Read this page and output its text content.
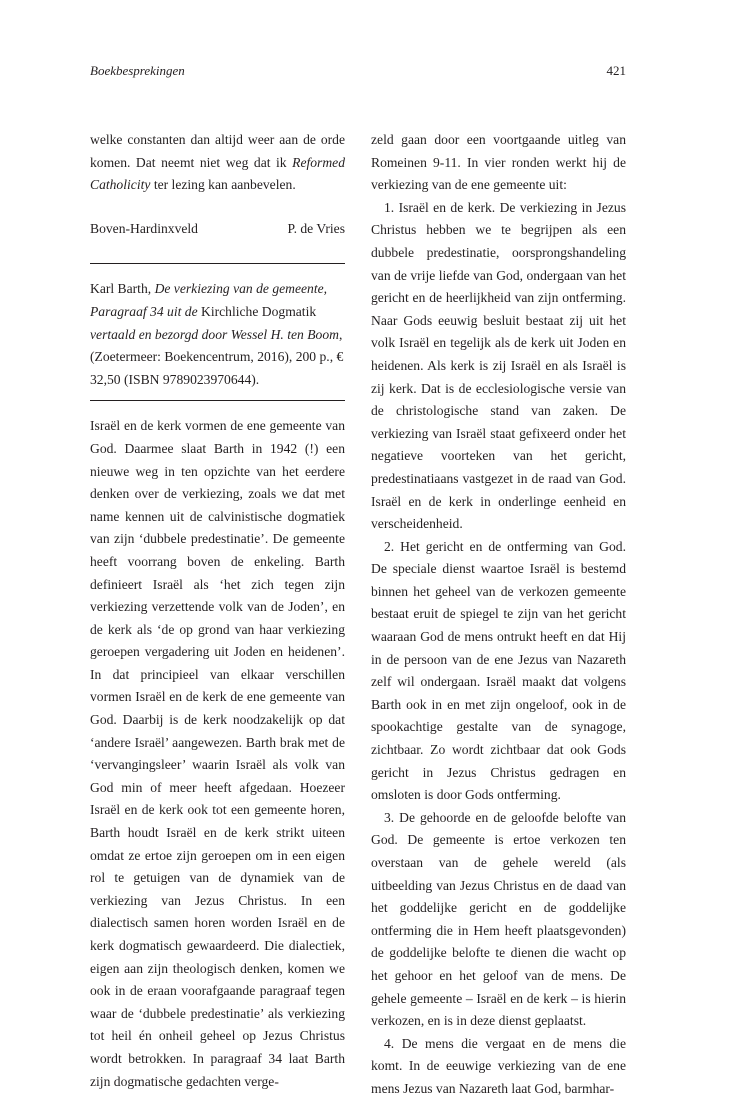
Boekbesprekingen	421

welke constanten dan altijd weer aan de orde komen. Dat neemt niet weg dat ik Reformed Catholicity ter lezing kan aanbevelen.

Boven-Hardinxveld	P. de Vries

Karl Barth, De verkiezing van de gemeente, Paragraaf 34 uit de Kirchliche Dogmatik vertaald en bezorgd door Wessel H. ten Boom, (Zoetermeer: Boekencentrum, 2016), 200 p., € 32,50 (ISBN 9789023970644).

Israël en de kerk vormen de ene gemeente van God. Daarmee slaat Barth in 1942 (!) een nieuwe weg in ten opzichte van het eerdere denken over de verkiezing, zoals we dat met name kennen uit de calvinistische dogmatiek van zijn ‘dubbele predestinatie’. De gemeente heeft voorrang boven de enkeling. Barth definieert Israël als ‘het zich tegen zijn verkiezing verzettende volk van de Joden’, en de kerk als ‘de op grond van haar verkiezing geroepen vergadering uit Joden en heidenen’. In dat principieel van elkaar verschillen vormen Israël en de kerk de ene gemeente van God. Daarbij is de kerk noodzakelijk op dat ‘andere Israël’ aangewezen. Barth brak met de ‘vervangingsleer’ waarin Israël als volk van God min of meer heeft afgedaan. Hoezeer Israël en de kerk ook tot een gemeente horen, Barth houdt Israël en de kerk strikt uiteen omdat ze ertoe zijn geroepen om in een eigen rol te getuigen van de dynamiek van de verkiezing van Jezus Christus. In een dialectisch samen horen worden Israël en de kerk dogmatisch gewaardeerd. Die dialectiek, eigen aan zijn theologisch denken, komen we ook in de eraan voorafgaande paragraaf tegen waar de ‘dubbele predestinatie’ als verkiezing tot heil én onheil geheel op Jezus Christus wordt betrokken. In paragraaf 34 laat Barth zijn dogmatische gedachten verge-

zeld gaan door een voortgaande uitleg van Romeinen 9-11. In vier ronden werkt hij de verkiezing van de ene gemeente uit:

1. Israël en de kerk. De verkiezing in Jezus Christus hebben we te begrijpen als een dubbele predestinatie, oorsprongshandeling van de vrije liefde van God, ondergaan van het gericht en de heerlijkheid van zijn ontferming. Naar Gods eeuwig besluit bestaat zij uit het volk Israël en tegelijk als de kerk uit Joden en heidenen. Als kerk is zij Israël en als Israël is zij kerk. Dat is de ecclesiologische versie van de christologische stand van zaken. De verkiezing van Israël staat gefixeerd onder het negatieve voorteken van het gericht, predestinatiaans vastgezet in de raad van God. Israël en de kerk in onderlinge eenheid en verscheidenheid.

2. Het gericht en de ontferming van God. De speciale dienst waartoe Israël is bestemd binnen het geheel van de verkozen gemeente bestaat eruit de spiegel te zijn van het gericht waaraan God de mens ontrukt heeft en dat Hij in de persoon van de ene Jezus van Nazareth zelf wil ondergaan. Israël maakt dat volgens Barth ook in en met zijn ongeloof, ook in de spookachtige gestalte van de synagoge, zichtbaar. Zo wordt zichtbaar dat ook Gods gericht in Jezus Christus gedragen en omsloten is door Gods ontferming.

3. De gehoorde en de geloofde belofte van God. De gemeente is ertoe verkozen ten overstaan van de gehele wereld (als uitbeelding van Jezus Christus en de daad van het goddelijke gericht en de goddelijke ontferming die in Hem heeft plaatsgevonden) de goddelijke belofte te dienen die wacht op het gehoor en het geloof van de mens. De gehele gemeente – Israël en de kerk – is hierin verkozen, en is in deze dienst geplaatst.

4. De mens die vergaat en de mens die komt. In de eeuwige verkiezing van de ene mens Jezus van Nazareth laat God, barmhar-
